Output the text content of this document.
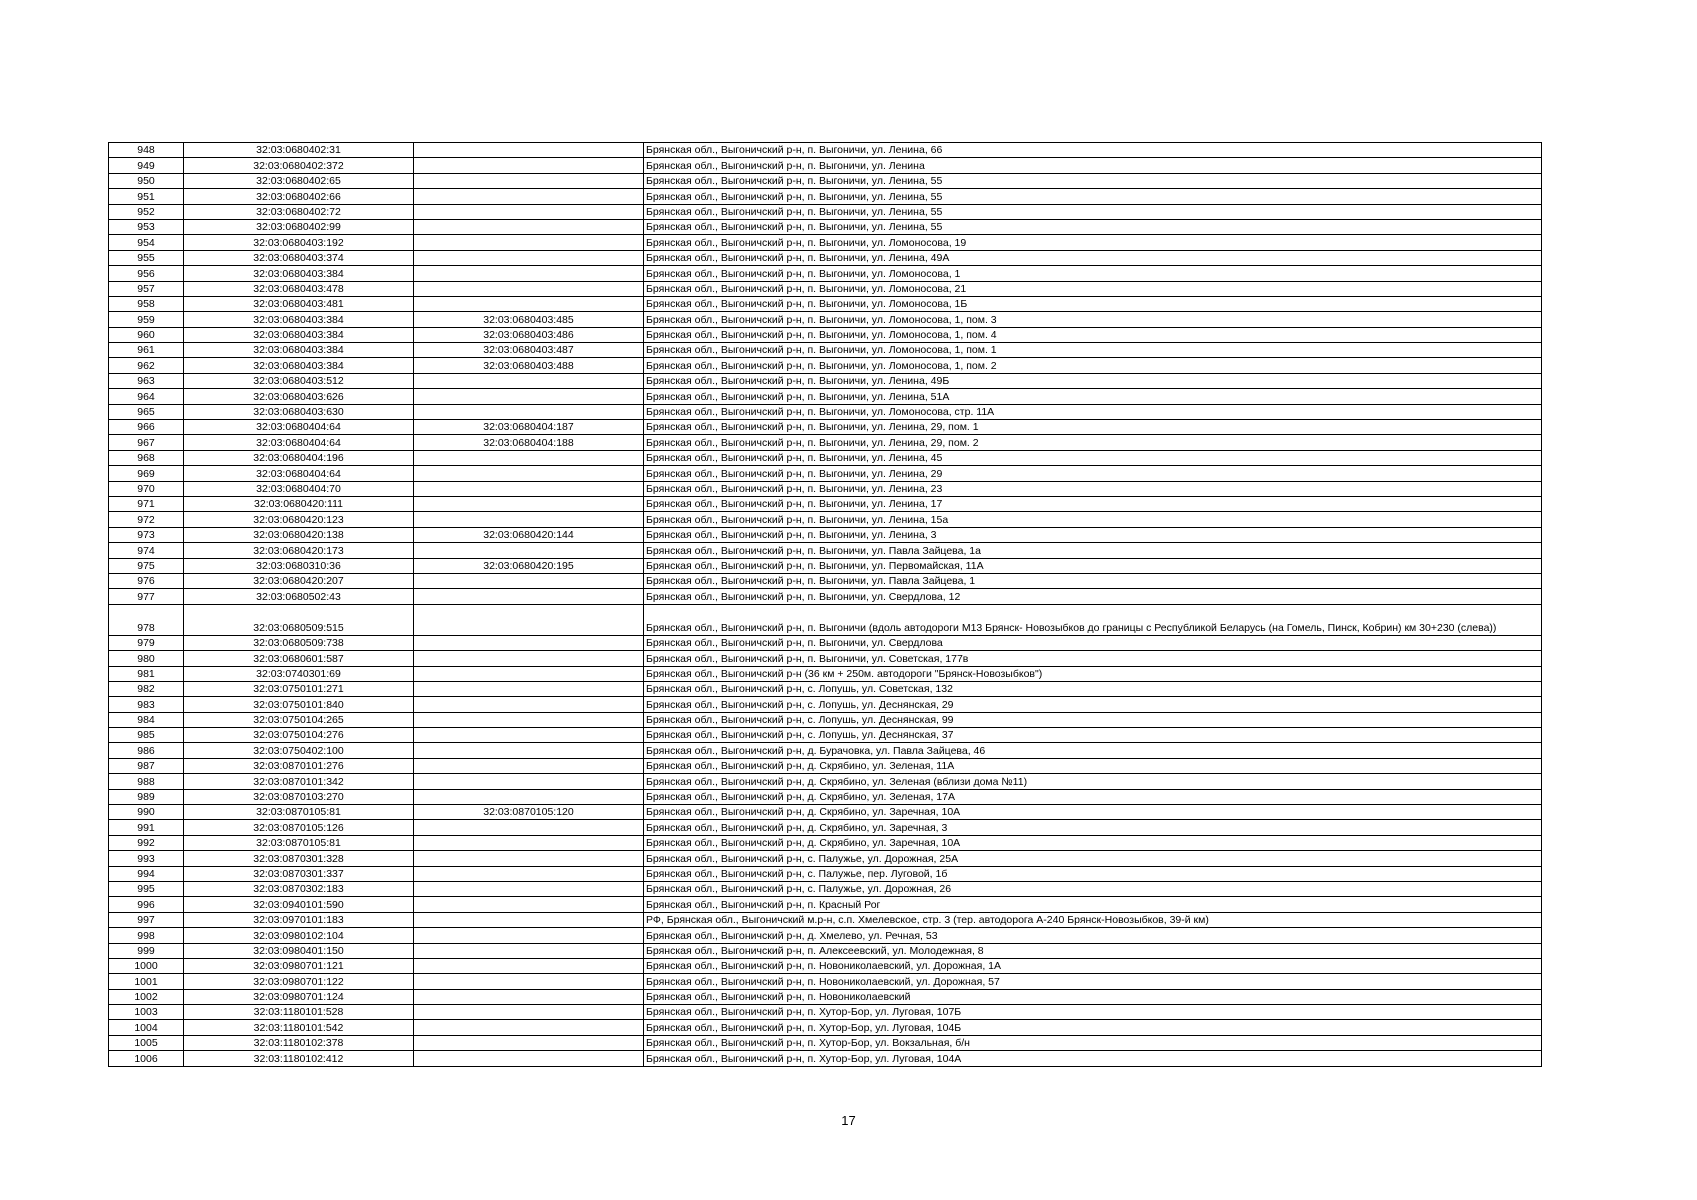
948	32:03:0680402:31		Брянская обл., Выгоничский р-н, п. Выгоничи, ул. Ленина, 66
949	32:03:0680402:372		Брянская обл., Выгоничский р-н, п. Выгоничи, ул. Ленина
950	32:03:0680402:65		Брянская обл., Выгоничский р-н, п. Выгоничи, ул. Ленина, 55
951	32:03:0680402:66		Брянская обл., Выгоничский р-н, п. Выгоничи, ул. Ленина, 55
952	32:03:0680402:72		Брянская обл., Выгоничский р-н, п. Выгоничи, ул. Ленина, 55
953	32:03:0680402:99		Брянская обл., Выгоничский р-н, п. Выгоничи, ул. Ленина, 55
954	32:03:0680403:192		Брянская обл., Выгоничский р-н, п. Выгоничи, ул. Ломоносова, 19
955	32:03:0680403:374		Брянская обл., Выгоничский р-н, п. Выгоничи, ул. Ленина, 49А
956	32:03:0680403:384		Брянская обл., Выгоничский р-н, п. Выгоничи, ул. Ломоносова, 1
957	32:03:0680403:478		Брянская обл., Выгоничский р-н, п. Выгоничи, ул. Ломоносова, 21
958	32:03:0680403:481		Брянская обл., Выгоничский р-н, п. Выгоничи, ул. Ломоносова, 1Б
959	32:03:0680403:384	32:03:0680403:485	Брянская обл., Выгоничский р-н, п. Выгоничи, ул. Ломоносова, 1, пом. 3
960	32:03:0680403:384	32:03:0680403:486	Брянская обл., Выгоничский р-н, п. Выгоничи, ул. Ломоносова, 1, пом. 4
961	32:03:0680403:384	32:03:0680403:487	Брянская обл., Выгоничский р-н, п. Выгоничи, ул. Ломоносова, 1, пом. 1
962	32:03:0680403:384	32:03:0680403:488	Брянская обл., Выгоничский р-н, п. Выгоничи, ул. Ломоносова, 1, пом. 2
963	32:03:0680403:512		Брянская обл., Выгоничский р-н, п. Выгоничи, ул. Ленина, 49Б
964	32:03:0680403:626		Брянская обл., Выгоничский р-н, п. Выгоничи, ул. Ленина, 51А
965	32:03:0680403:630		Брянская обл., Выгоничский р-н, п. Выгоничи, ул. Ломоносова, стр. 11А
966	32:03:0680404:64	32:03:0680404:187	Брянская обл., Выгоничский р-н, п. Выгоничи, ул. Ленина, 29, пом. 1
967	32:03:0680404:64	32:03:0680404:188	Брянская обл., Выгоничский р-н, п. Выгоничи, ул. Ленина, 29, пом. 2
968	32:03:0680404:196		Брянская обл., Выгоничский р-н, п. Выгоничи, ул. Ленина, 45
969	32:03:0680404:64		Брянская обл., Выгоничский р-н, п. Выгоничи, ул. Ленина, 29
970	32:03:0680404:70		Брянская обл., Выгоничский р-н, п. Выгоничи, ул. Ленина, 23
971	32:03:0680420:111		Брянская обл., Выгоничский р-н, п. Выгоничи, ул. Ленина, 17
972	32:03:0680420:123		Брянская обл., Выгоничский р-н, п. Выгоничи, ул. Ленина, 15а
973	32:03:0680420:138	32:03:0680420:144	Брянская обл., Выгоничский р-н, п. Выгоничи, ул. Ленина, 3
974	32:03:0680420:173		Брянская обл., Выгоничский р-н, п. Выгоничи, ул. Павла Зайцева, 1а
975	32:03:0680310:36	32:03:0680420:195	Брянская обл., Выгоничский р-н, п. Выгоничи, ул. Первомайская, 11А
976	32:03:0680420:207		Брянская обл., Выгоничский р-н, п. Выгоничи, ул. Павла Зайцева, 1
977	32:03:0680502:43		Брянская обл., Выгоничский р-н, п. Выгоничи, ул. Свердлова, 12
978	32:03:0680509:515		Брянская обл., Выгоничский р-н, п. Выгоничи (вдоль автодороги М13 Брянск- Новозыбков до границы с Республикой Беларусь (на Гомель, Пинск, Кобрин) км 30+230 (слева))
979	32:03:0680509:738		Брянская обл., Выгоничский р-н, п. Выгоничи, ул. Свердлова
980	32:03:0680601:587		Брянская обл., Выгоничский р-н, п. Выгоничи, ул. Советская, 177в
981	32:03:0740301:69		Брянская обл., Выгоничский р-н (36 км + 250м. автодороги "Брянск-Новозыбков")
982	32:03:0750101:271		Брянская обл., Выгоничский р-н, с. Лопушь, ул. Советская, 132
983	32:03:0750101:840		Брянская обл., Выгоничский р-н, с. Лопушь, ул. Деснянская, 29
984	32:03:0750104:265		Брянская обл., Выгоничский р-н, с. Лопушь, ул. Деснянская, 99
985	32:03:0750104:276		Брянская обл., Выгоничский р-н, с. Лопушь, ул. Деснянская, 37
986	32:03:0750402:100		Брянская обл., Выгоничский р-н, д. Бурачовка, ул. Павла Зайцева, 46
987	32:03:0870101:276		Брянская обл., Выгоничский р-н, д. Скрябино, ул. Зеленая, 11А
988	32:03:0870101:342		Брянская обл., Выгоничский р-н, д. Скрябино, ул. Зеленая (вблизи дома №11)
989	32:03:0870103:270		Брянская обл., Выгоничский р-н, д. Скрябино, ул. Зеленая, 17А
990	32:03:0870105:81	32:03:0870105:120	Брянская обл., Выгоничский р-н, д. Скрябино, ул. Заречная, 10А
991	32:03:0870105:126		Брянская обл., Выгоничский р-н, д. Скрябино, ул. Заречная, 3
992	32:03:0870105:81		Брянская обл., Выгоничский р-н, д. Скрябино, ул. Заречная, 10А
993	32:03:0870301:328		Брянская обл., Выгоничский р-н, с. Палужье, ул. Дорожная, 25А
994	32:03:0870301:337		Брянская обл., Выгоничский р-н, с. Палужье, пер. Луговой, 1б
995	32:03:0870302:183		Брянская обл., Выгоничский р-н, с. Палужье, ул. Дорожная, 26
996	32:03:0940101:590		Брянская обл., Выгоничский р-н, п. Красный Рог
997	32:03:0970101:183		РФ, Брянская обл., Выгоничский м.р-н, с.п. Хмелевское, стр. 3 (тер. автодорога А-240 Брянск-Новозыбков, 39-й км)
998	32:03:0980102:104		Брянская обл., Выгоничский р-н, д. Хмелево, ул. Речная, 53
999	32:03:0980401:150		Брянская обл., Выгоничский р-н, п. Алексеевский, ул. Молодежная, 8
1000	32:03:0980701:121		Брянская обл., Выгоничский р-н, п. Новониколаевский, ул. Дорожная, 1А
1001	32:03:0980701:122		Брянская обл., Выгоничский р-н, п. Новониколаевский, ул. Дорожная, 57
1002	32:03:0980701:124		Брянская обл., Выгоничский р-н, п. Новониколаевский
1003	32:03:1180101:528		Брянская обл., Выгоничский р-н, п. Хутор-Бор, ул. Луговая, 107Б
1004	32:03:1180101:542		Брянская обл., Выгоничский р-н, п. Хутор-Бор, ул. Луговая, 104Б
1005	32:03:1180102:378		Брянская обл., Выгоничский р-н, п. Хутор-Бор, ул. Вокзальная, б/н
1006	32:03:1180102:412		Брянская обл., Выгоничский р-н, п. Хутор-Бор, ул. Луговая, 104А
17
